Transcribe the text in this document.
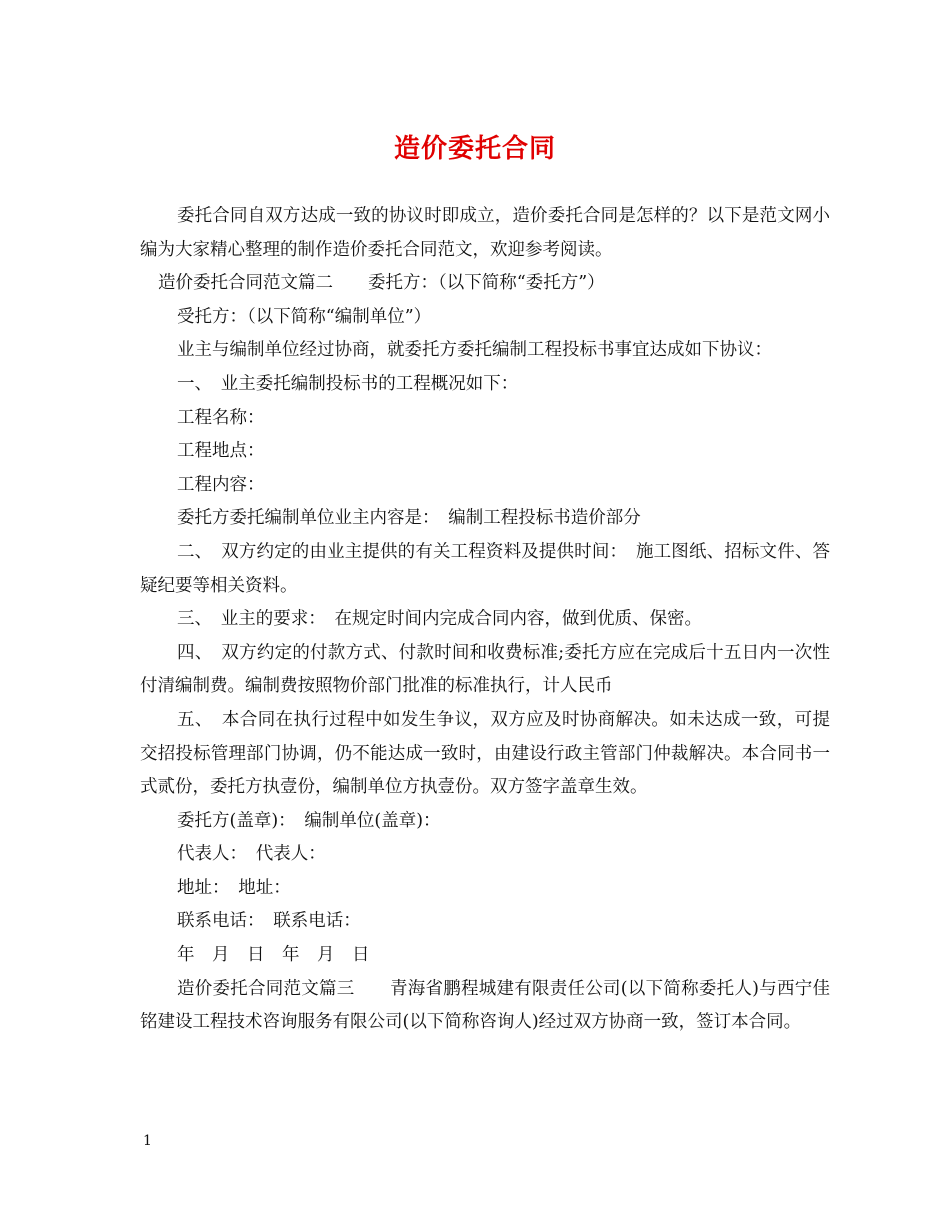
造价委托合同

委托合同自双方达成一致的协议时即成立，造价委托合同是怎样的？以下是范文网小编为大家精心整理的制作造价委托合同范文，欢迎参考阅读。

造价委托合同范文篇二　　委托方：（以下简称“委托方”）

受托方：（以下简称“编制单位”）

业主与编制单位经过协商，就委托方委托编制工程投标书事宜达成如下协议：

一、　业主委托编制投标书的工程概况如下：

工程名称：

工程地点：

工程内容：

委托方委托编制单位业主内容是：　编制工程投标书造价部分

二、　双方约定的由业主提供的有关工程资料及提供时间：　施工图纸、招标文件、答疑纪要等相关资料。

三、　业主的要求：　在规定时间内完成合同内容，做到优质、保密。

四、　双方约定的付款方式、付款时间和收费标准;委托方应在完成后十五日内一次性付清编制费。编制费按照物价部门批准的标准执行，计人民币

五、　本合同在执行过程中如发生争议，双方应及时协商解决。如未达成一致，可提交招投标管理部门协调，仍不能达成一致时，由建设行政主管部门仲裁解决。本合同书一式贰份，委托方执壹份，编制单位方执壹份。双方签字盖章生效。

委托方(盖章)：　编制单位(盖章)：

代表人：　代表人：

地址：　地址：

联系电话：　联系电话：

年　月　日　年　月　日

造价委托合同范文篇三　　青海省鹏程城建有限责任公司(以下简称委托人)与西宁佳铭建设工程技术咨询服务有限公司(以下简称咨询人)经过双方协商一致，签订本合同。

1
